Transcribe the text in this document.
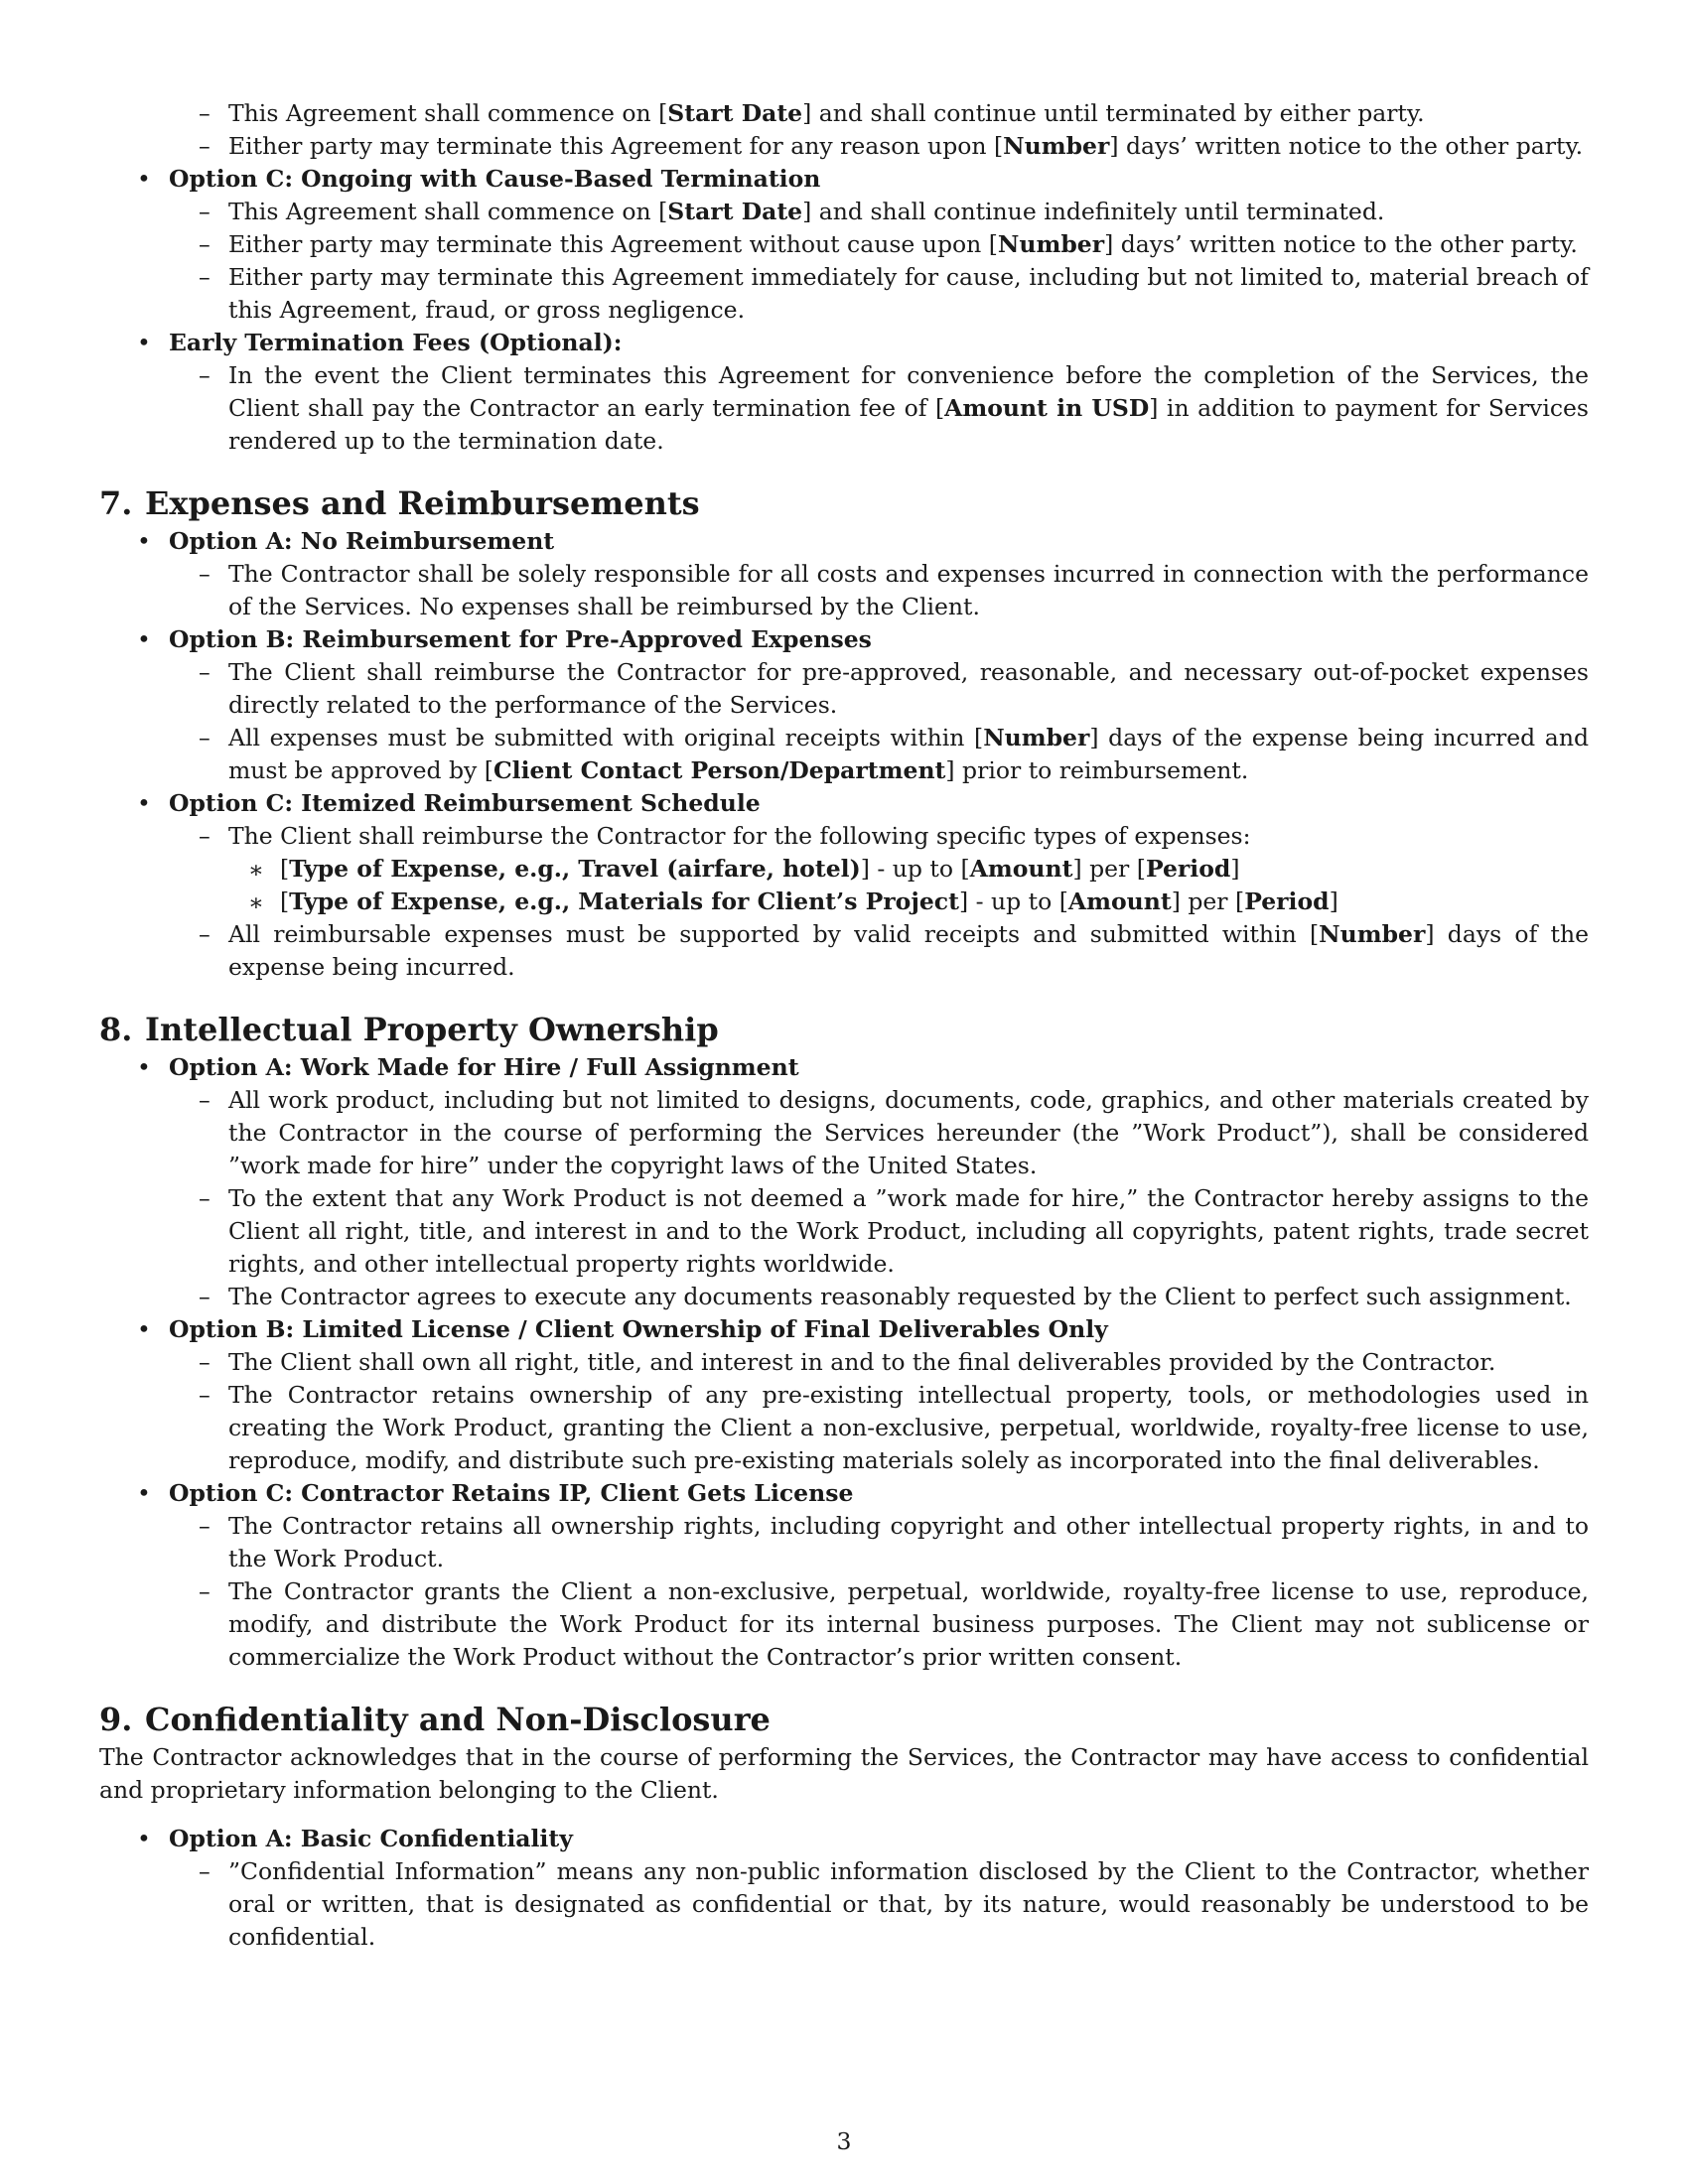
– This Agreement shall commence on [Start Date] and shall continue until terminated by either party.
– Either party may terminate this Agreement for any reason upon [Number] days’ written notice to the other party.
• Option C: Ongoing with Cause-Based Termination
– This Agreement shall commence on [Start Date] and shall continue indefinitely until terminated.
– Either party may terminate this Agreement without cause upon [Number] days’ written notice to the other party.
– Either party may terminate this Agreement immediately for cause, including but not limited to, material breach of this Agreement, fraud, or gross negligence.
• Early Termination Fees (Optional):
– In the event the Client terminates this Agreement for convenience before the completion of the Services, the Client shall pay the Contractor an early termination fee of [Amount in USD] in addition to payment for Services rendered up to the termination date.
7. Expenses and Reimbursements
• Option A: No Reimbursement
– The Contractor shall be solely responsible for all costs and expenses incurred in connection with the performance of the Services. No expenses shall be reimbursed by the Client.
• Option B: Reimbursement for Pre-Approved Expenses
– The Client shall reimburse the Contractor for pre-approved, reasonable, and necessary out-of-pocket expenses directly related to the performance of the Services.
– All expenses must be submitted with original receipts within [Number] days of the expense being incurred and must be approved by [Client Contact Person/Department] prior to reimbursement.
• Option C: Itemized Reimbursement Schedule
– The Client shall reimburse the Contractor for the following specific types of expenses:
∗ [Type of Expense, e.g., Travel (airfare, hotel)] - up to [Amount] per [Period]
∗ [Type of Expense, e.g., Materials for Client’s Project] - up to [Amount] per [Period]
– All reimbursable expenses must be supported by valid receipts and submitted within [Number] days of the expense being incurred.
8. Intellectual Property Ownership
• Option A: Work Made for Hire / Full Assignment
– All work product, including but not limited to designs, documents, code, graphics, and other materials created by the Contractor in the course of performing the Services hereunder (the ”Work Product”), shall be considered ”work made for hire” under the copyright laws of the United States.
– To the extent that any Work Product is not deemed a ”work made for hire,” the Contractor hereby assigns to the Client all right, title, and interest in and to the Work Product, including all copyrights, patent rights, trade secret rights, and other intellectual property rights worldwide.
– The Contractor agrees to execute any documents reasonably requested by the Client to perfect such assignment.
• Option B: Limited License / Client Ownership of Final Deliverables Only
– The Client shall own all right, title, and interest in and to the final deliverables provided by the Contractor.
– The Contractor retains ownership of any pre-existing intellectual property, tools, or methodologies used in creating the Work Product, granting the Client a non-exclusive, perpetual, worldwide, royalty-free license to use, reproduce, modify, and distribute such pre-existing materials solely as incorporated into the final deliverables.
• Option C: Contractor Retains IP, Client Gets License
– The Contractor retains all ownership rights, including copyright and other intellectual property rights, in and to the Work Product.
– The Contractor grants the Client a non-exclusive, perpetual, worldwide, royalty-free license to use, reproduce, modify, and distribute the Work Product for its internal business purposes. The Client may not sublicense or commercialize the Work Product without the Contractor’s prior written consent.
9. Confidentiality and Non-Disclosure

The Contractor acknowledges that in the course of performing the Services, the Contractor may have access to confidential and proprietary information belonging to the Client.

• Option A: Basic Confidentiality
– ”Confidential Information” means any non-public information disclosed by the Client to the Contractor, whether oral or written, that is designated as confidential or that, by its nature, would reasonably be understood to be confidential.
3
